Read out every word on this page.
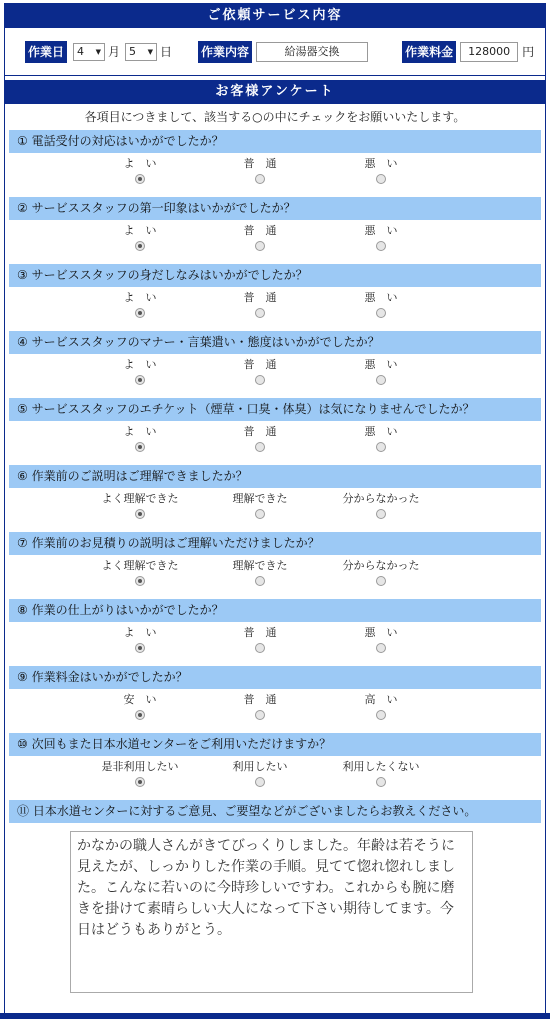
ご依頼サービス内容
作業日 4 ▼ 月 5 ▼ 日 作業内容	給湯器交換	作業料金	128000	円
お客様アンケート
各項目につきまして、該当する○の中にチェックをお願いいたします。
① 電話受付の対応はいかがでしたか？
よ　い	普　通	悪　い
② サービススタッフの第一印象はいかがでしたか？
よ　い	普　通	悪　い
③ サービススタッフの身だしなみはいかがでしたか？
よ　い	普　通	悪　い
④ サービススタッフのマナー・言葉遣い・態度はいかがでしたか？
よ　い	普　通	悪　い
⑤ サービススタッフのエチケット（煙草・口臭・体臭）は気になりませんでしたか？
よ　い	普　通	悪　い
⑥ 作業前のご説明はご理解できましたか？
よく理解できた	理解できた	分からなかった
⑦ 作業前のお見積りの説明はご理解いただけましたか？
よく理解できた	理解できた	分からなかった
⑧ 作業の仕上がりはいかがでしたか？
よ　い	普　通	悪　い
⑨ 作業料金はいかがでしたか？
安　い	普　通	高　い
⑩ 次回もまた日本水道センターをご利用いただけますか？
是非利用したい	利用したい	利用したくない
⑪ 日本水道センターに対するご意見、ご要望などがございましたらお教えください。
かなかの職人さんがきてびっくりしました。年齢は若そうに見えたが、しっかりした作業の手順。見てて惚れ惚れしました。こんなに若いのに今時珍しいですわ。これからも腕に磨きを掛けて素晴らしい大人になって下さい期待してます。今日はどうもありがとう。
